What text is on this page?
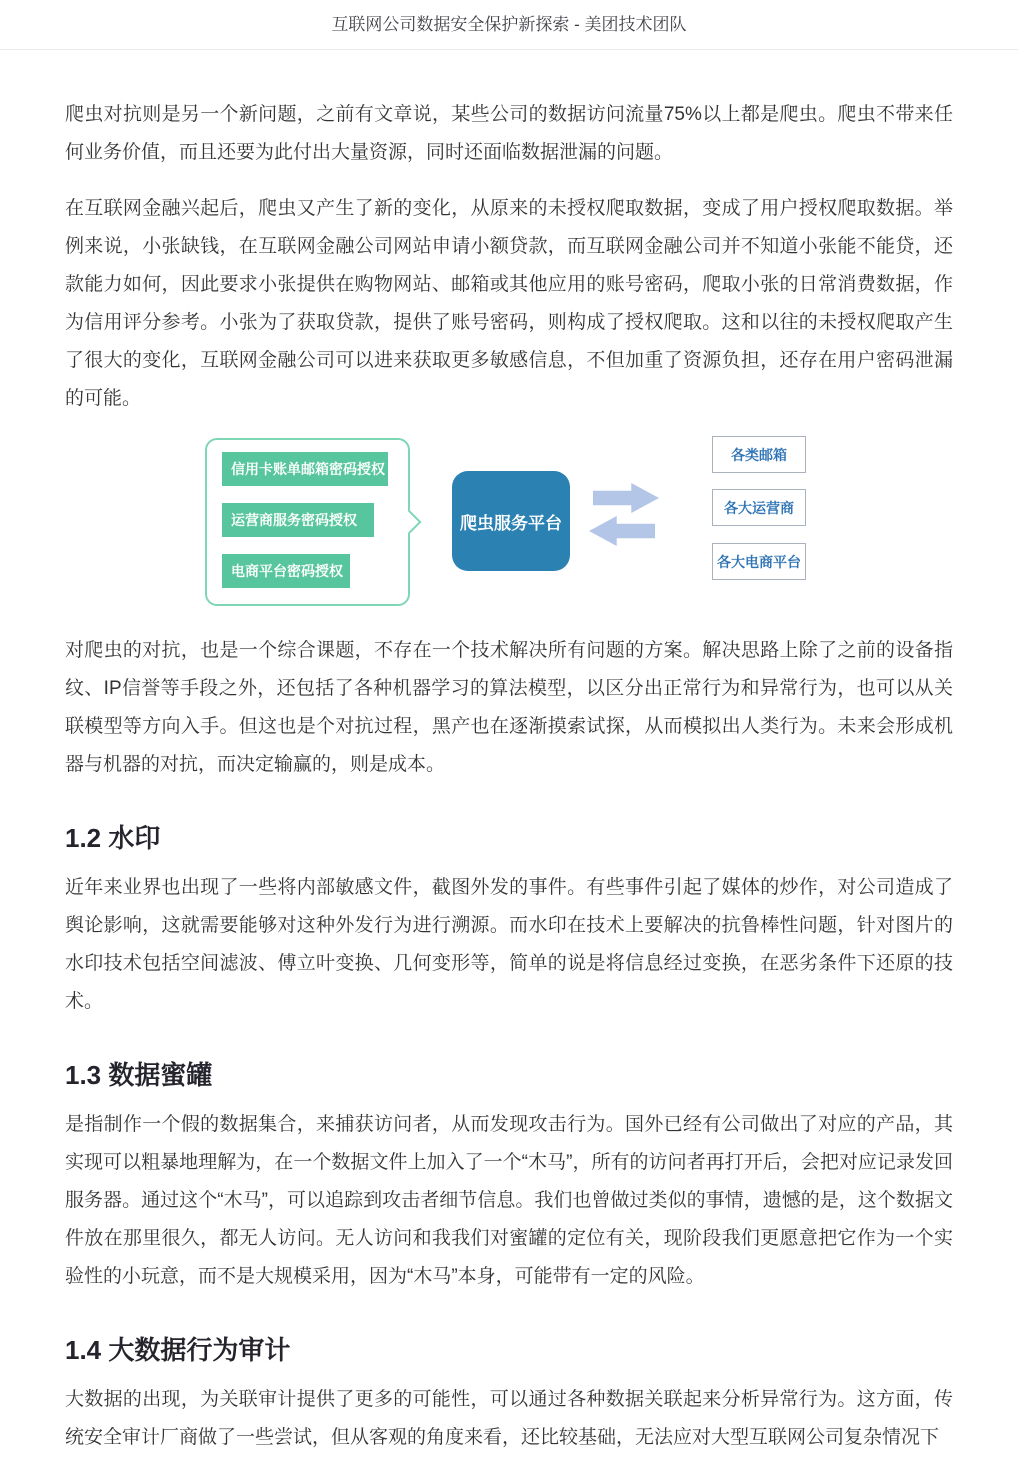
互联网公司数据安全保护新探索 - 美团技术团队

爬虫对抗则是另一个新问题，之前有文章说，某些公司的数据访问流量75%以上都是爬虫。爬虫不带来任何业务价值，而且还要为此付出大量资源，同时还面临数据泄漏的问题。

在互联网金融兴起后，爬虫又产生了新的变化，从原来的未授权爬取数据，变成了用户授权爬取数据。举例来说，小张缺钱，在互联网金融公司网站申请小额贷款，而互联网金融公司并不知道小张能不能贷，还款能力如何，因此要求小张提供在购物网站、邮箱或其他应用的账号密码，爬取小张的日常消费数据，作为信用评分参考。小张为了获取贷款，提供了账号密码，则构成了授权爬取。这和以往的未授权爬取产生了很大的变化，互联网金融公司可以进来获取更多敏感信息，不但加重了资源负担，还存在用户密码泄漏的可能。

信用卡账单邮箱密码授权
运营商服务密码授权
电商平台密码授权
爬虫服务平台
各类邮箱
各大运营商
各大电商平台

对爬虫的对抗，也是一个综合课题，不存在一个技术解决所有问题的方案。解决思路上除了之前的设备指纹、IP信誉等手段之外，还包括了各种机器学习的算法模型，以区分出正常行为和异常行为，也可以从关联模型等方向入手。但这也是个对抗过程，黑产也在逐渐摸索试探，从而模拟出人类行为。未来会形成机器与机器的对抗，而决定输赢的，则是成本。

1.2 水印

近年来业界也出现了一些将内部敏感文件，截图外发的事件。有些事件引起了媒体的炒作，对公司造成了舆论影响，这就需要能够对这种外发行为进行溯源。而水印在技术上要解决的抗鲁棒性问题，针对图片的水印技术包括空间滤波、傅立叶变换、几何变形等，简单的说是将信息经过变换，在恶劣条件下还原的技术。

1.3 数据蜜罐

是指制作一个假的数据集合，来捕获访问者，从而发现攻击行为。国外已经有公司做出了对应的产品，其实现可以粗暴地理解为，在一个数据文件上加入了一个“木马”，所有的访问者再打开后，会把对应记录发回服务器。通过这个“木马”，可以追踪到攻击者细节信息。我们也曾做过类似的事情，遗憾的是，这个数据文件放在那里很久，都无人访问。无人访问和我我们对蜜罐的定位有关，现阶段我们更愿意把它作为一个实验性的小玩意，而不是大规模采用，因为“木马”本身，可能带有一定的风险。

1.4 大数据行为审计

大数据的出现，为关联审计提供了更多的可能性，可以通过各种数据关联起来分析异常行为。这方面，传统安全审计厂商做了一些尝试，但从客观的角度来看，还比较基础，无法应对大型互联网公司复杂情况下
